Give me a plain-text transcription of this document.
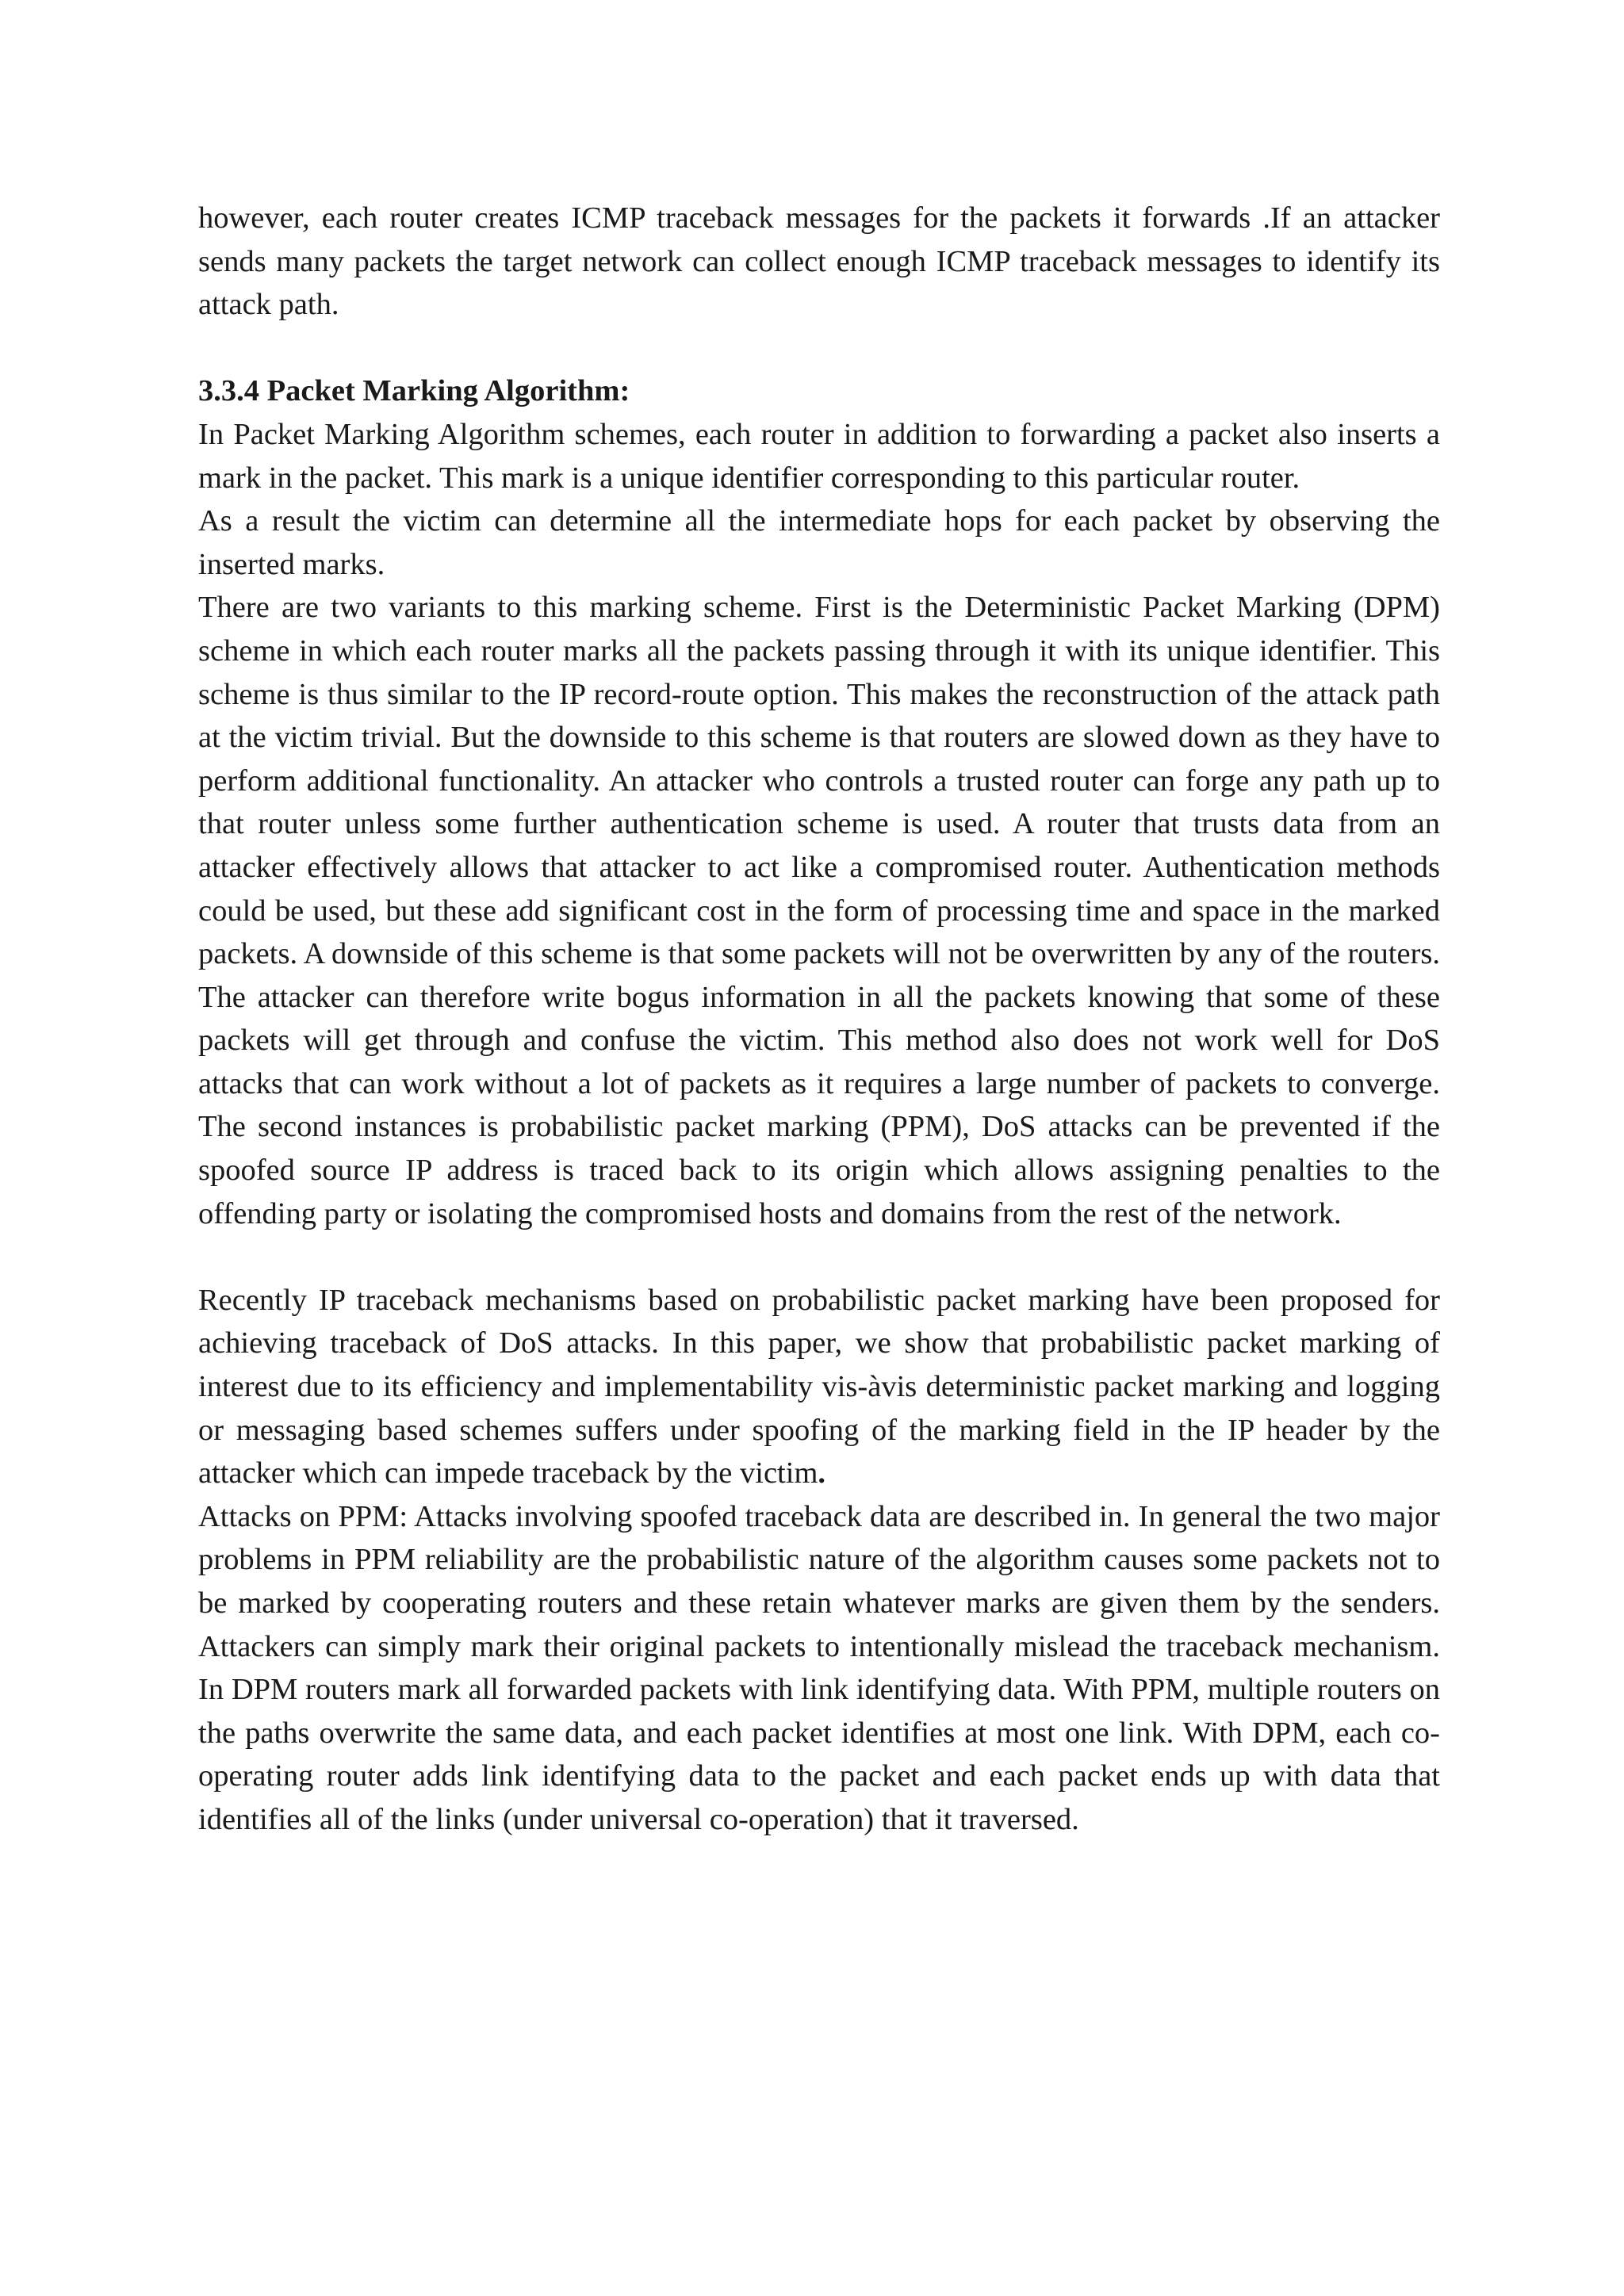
however, each router creates ICMP traceback messages for the packets it forwards .If an attacker sends many packets the target network can collect enough ICMP traceback messages to identify its attack path.

3.3.4 Packet Marking Algorithm:

In Packet Marking Algorithm schemes, each router in addition to forwarding a packet also inserts a mark in the packet. This mark is a unique identifier corresponding to this particular router.

As a result the victim can determine all the intermediate hops for each packet by observing the inserted marks.

There are two variants to this marking scheme. First is the Deterministic Packet Marking (DPM) scheme in which each router marks all the packets passing through it with its unique identifier. This scheme is thus similar to the IP record-route option. This makes the reconstruction of the attack path at the victim trivial. But the downside to this scheme is that routers are slowed down as they have to perform additional functionality. An attacker who controls a trusted router can forge any path up to that router unless some further authentication scheme is used. A router that trusts data from an attacker effectively allows that attacker to act like a compromised router. Authentication methods could be used, but these add significant cost in the form of processing time and space in the marked packets. A downside of this scheme is that some packets will not be overwritten by any of the routers. The attacker can therefore write bogus information in all the packets knowing that some of these packets will get through and confuse the victim. This method also does not work well for DoS attacks that can work without a lot of packets as it requires a large number of packets to converge. The second instances is probabilistic packet marking (PPM), DoS attacks can be prevented if the spoofed source IP address is traced back to its origin which allows assigning penalties to the offending party or isolating the compromised hosts and domains from the rest of the network.

Recently IP traceback mechanisms based on probabilistic packet marking have been proposed for achieving traceback of DoS attacks. In this paper, we show that probabilistic packet marking of interest due to its efficiency and implementability vis-àvis deterministic packet marking and logging or messaging based schemes suffers under spoofing of the marking field in the IP header by the attacker which can impede traceback by the victim.

Attacks on PPM: Attacks involving spoofed traceback data are described in. In general the two major problems in PPM reliability are the probabilistic nature of the algorithm causes some packets not to be marked by cooperating routers and these retain whatever marks are given them by the senders. Attackers can simply mark their original packets to intentionally mislead the traceback mechanism. In DPM routers mark all forwarded packets with link identifying data. With PPM, multiple routers on the paths overwrite the same data, and each packet identifies at most one link. With DPM, each co-operating router adds link identifying data to the packet and each packet ends up with data that identifies all of the links (under universal co-operation) that it traversed.
